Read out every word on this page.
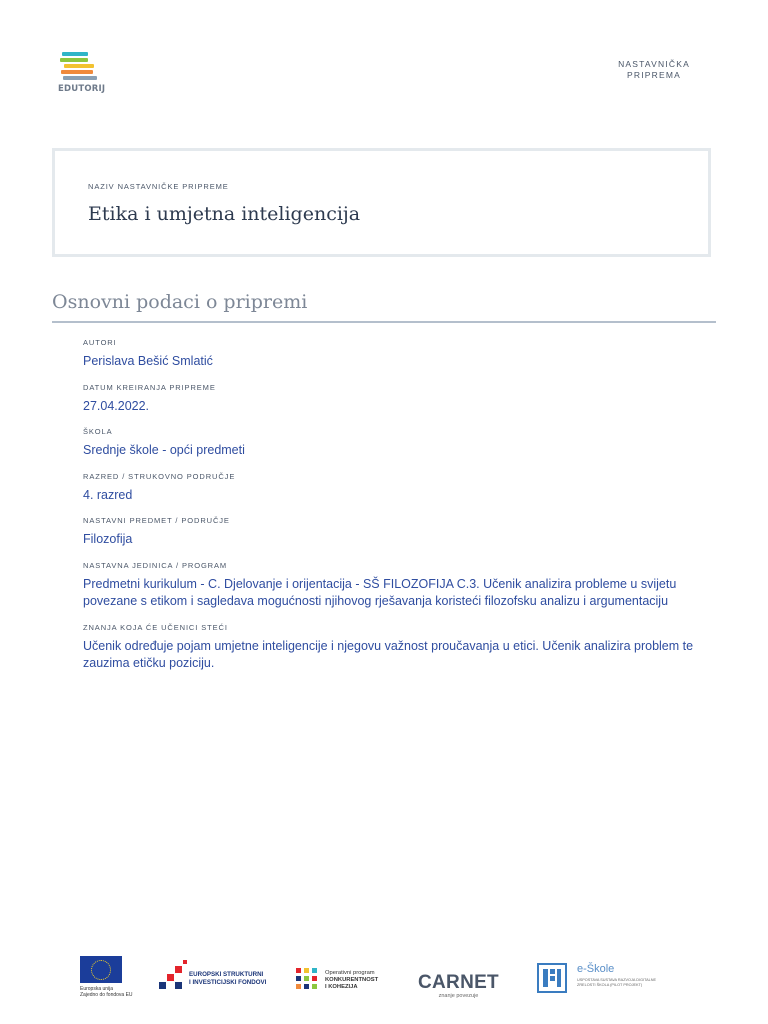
EDUTORIJ
NASTAVNIČKA
PRIPREMA
NAZIV NASTAVNIČKE PRIPREME
Etika i umjetna inteligencija
Osnovni podaci o pripremi
AUTORI
Perislava Bešić Smlatić
DATUM KREIRANJA PRIPREME
27.04.2022.
ŠKOLA
Srednje škole - opći predmeti
RAZRED / STRUKOVNO PODRUČJE
4. razred
NASTAVNI PREDMET / PODRUČJE
Filozofija
NASTAVNA JEDINICA / PROGRAM
Predmetni kurikulum - C. Djelovanje i orijentacija - SŠ FILOZOFIJA C.3. Učenik analizira probleme u svijetu povezane s etikom i sagledava mogućnosti njihovog rješavanja koristeći filozofsku analizu i argumentaciju
ZNANJA KOJA ĆE UČENICI STEĆI
Učenik određuje pojam umjetne inteligencije i njegovu važnost proučavanja u etici. Učenik analizira problem te zauzima etičku poziciju.
Europska unija
Zajedno do fondova EU
EUROPSKI STRUKTURNI
I INVESTICIJSKI FONDOVI
Operativni program
KONKURENTNOST
I KOHEZIJA	CARNET
znanje povezuje
e-Škole
USPOSTAVA SUSTAVA RAZVOJA DIGITALNE ZRELOSTI ŠKOLA (PILOT PROJEKT)
